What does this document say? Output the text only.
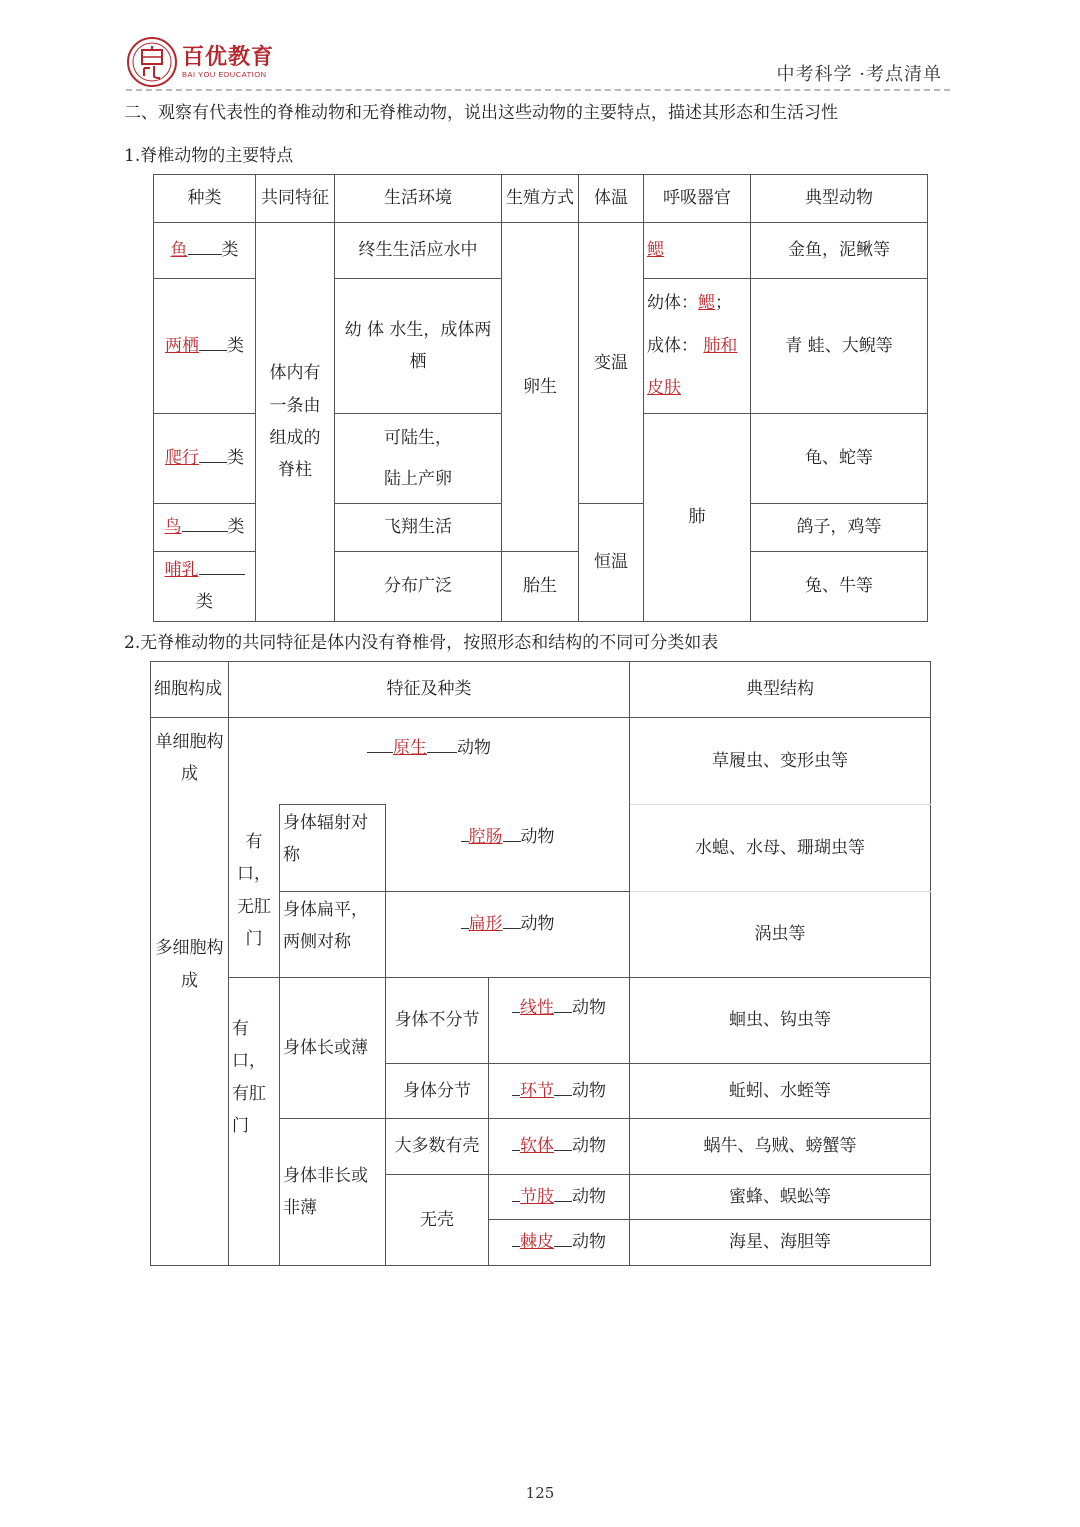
百优教育
BAI YOU EDUCATION	中考科学 ·考点清单
二、观察有代表性的脊椎动物和无脊椎动物，说出这些动物的主要特点，描述其形态和生活习性
1.脊椎动物的主要特点
种类	共同特征	生活环境	生殖方式	体温	呼吸器官	典型动物
鱼 类	体内有
一条由
组成的
脊柱	终生生活应水中	卵生	变温	鳃	金鱼，泥鳅等
两栖 类		幼 体 水生，成体两栖			幼体：鳃；
成体： 肺和
皮肤	青 蛙、大鲵等
爬行 类		可陆生，
陆上产卵			肺	龟、蛇等
鸟 类		飞翔生活		恒温		鸽子，鸡等
哺乳类		分布广泛	胎生			兔、牛等
2.无脊椎动物的共同特征是体内没有脊椎骨，按照形态和结构的不同可分类如表
细胞构成	特征及种类				典型结构
单细胞构成	原生 动物				草履虫、变形虫等
多细胞构成	有口，无肛门	身体辐射对称	腔肠 动物		水螅、水母、珊瑚虫等
		身体扁平，两侧对称	扁形 动物		涡虫等
	有口，有肛门	身体长或薄	身体不分节	线性 动物	蛔虫、钩虫等
			身体分节	环节 动物	蚯蚓、水蛭等
		身体非长或非薄	大多数有壳	软体 动物	蜗牛、乌贼、螃蟹等
			无壳	节肢 动物	蜜蜂、蜈蚣等
				棘皮 动物	海星、海胆等
125
